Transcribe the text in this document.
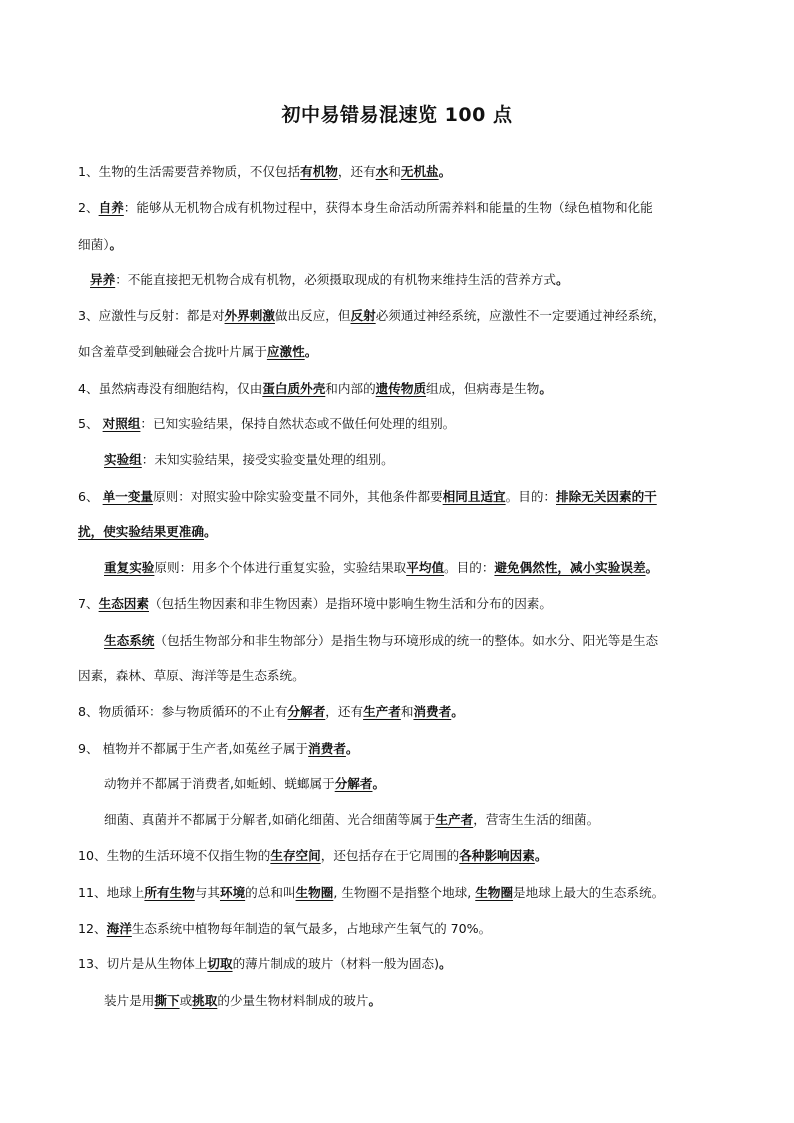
初中易错易混速览 100 点
1、生物的生活需要营养物质，不仅包括有机物，还有水和无机盐。
2、自养：能够从无机物合成有机物过程中，获得本身生命活动所需养料和能量的生物（绿色植物和化能
细菌）。
异养：不能直接把无机物合成有机物，必须摄取现成的有机物来维持生活的营养方式。
3、应激性与反射：都是对外界刺激做出反应，但反射必须通过神经系统，应激性不一定要通过神经系统，
如含羞草受到触碰会合拢叶片属于应激性。
4、虽然病毒没有细胞结构，仅由蛋白质外壳和内部的遗传物质组成，但病毒是生物。
5、 对照组：已知实验结果，保持自然状态或不做任何处理的组别。
实验组：未知实验结果，接受实验变量处理的组别。
6、 单一变量原则：对照实验中除实验变量不同外，其他条件都要相同且适宜。目的：排除无关因素的干
扰，使实验结果更准确。
重复实验原则：用多个个体进行重复实验，实验结果取平均值。目的：避免偶然性，减小实验误差。
7、生态因素（包括生物因素和非生物因素）是指环境中影响生物生活和分布的因素。
生态系统（包括生物部分和非生物部分）是指生物与环境形成的统一的整体。如水分、阳光等是生态
因素，森林、草原、海洋等是生态系统。
8、物质循环：参与物质循环的不止有分解者，还有生产者和消费者。
9、 植物并不都属于生产者,如菟丝子属于消费者。
动物并不都属于消费者,如蚯蚓、蜣螂属于分解者。
细菌、真菌并不都属于分解者,如硝化细菌、光合细菌等属于生产者，营寄生生活的细菌。
10、生物的生活环境不仅指生物的生存空间，还包括存在于它周围的各种影响因素。
11、地球上所有生物与其环境的总和叫生物圈, 生物圈不是指整个地球, 生物圈是地球上最大的生态系统。
12、海洋生态系统中植物每年制造的氧气最多，占地球产生氧气的 70%。
13、切片是从生物体上切取的薄片制成的玻片（材料一般为固态)。
装片是用撕下或挑取的少量生物材料制成的玻片。
